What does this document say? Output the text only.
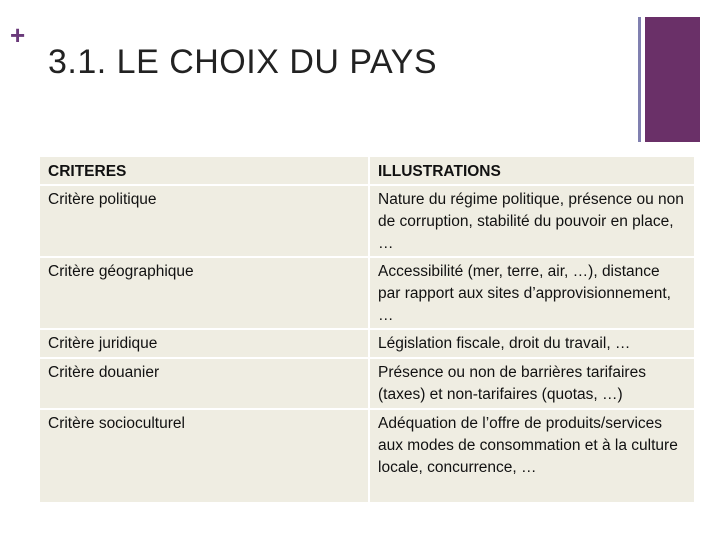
+
3.1. LE CHOIX DU PAYS
CRITERES	ILLUSTRATIONS
Critère politique	Nature du régime politique, présence ou non de corruption, stabilité du pouvoir en place, …
Critère géographique	Accessibilité (mer, terre, air, …), distance par rapport aux sites d’approvisionnement, …
Critère juridique	Législation fiscale, droit du travail, …
Critère douanier	Présence ou non de barrières tarifaires (taxes) et non-tarifaires (quotas, …)
Critère socioculturel	Adéquation de l’offre de produits/services aux modes de consommation et à la culture locale, concurrence, …
